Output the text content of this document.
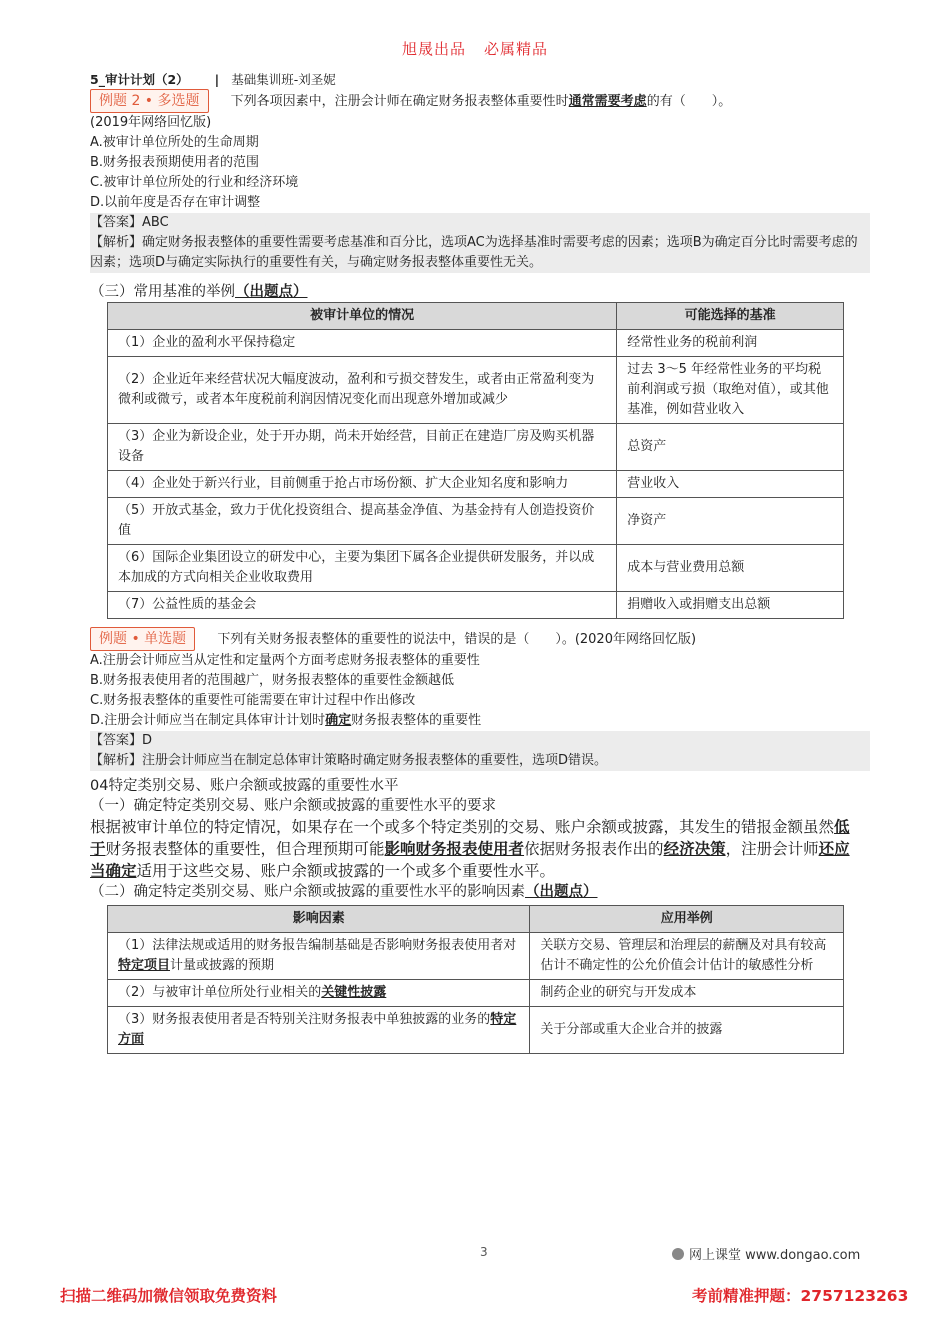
旭晟出品 必属精品
5_审计计划（2） | 基础集训班-刘圣妮
例题 2 • 多选题 下列各项因素中，注册会计师在确定财务报表整体重要性时通常需要考虑的有（　　）。
(2019年网络回忆版)
A.被审计单位所处的生命周期
B.财务报表预期使用者的范围
C.被审计单位所处的行业和经济环境
D.以前年度是否存在审计调整
【答案】ABC
【解析】确定财务报表整体的重要性需要考虑基准和百分比，选项AC为选择基准时需要考虑的因素；选项B为确定百分比时需要考虑的因素；选项D与确定实际执行的重要性有关，与确定财务报表整体重要性无关。
（三）常用基准的举例（出题点）
被审计单位的情况	可能选择的基准
（1）企业的盈利水平保持稳定	经常性业务的税前利润
（2）企业近年来经营状况大幅度波动，盈利和亏损交替发生，或者由正常盈利变为微利或微亏，或者本年度税前利润因情况变化而出现意外增加或减少	过去 3～5 年经常性业务的平均税前利润或亏损（取绝对值），或其他基准，例如营业收入
（3）企业为新设企业，处于开办期，尚未开始经营，目前正在建造厂房及购买机器设备	总资产
（4）企业处于新兴行业，目前侧重于抢占市场份额、扩大企业知名度和影响力	营业收入
（5）开放式基金，致力于优化投资组合、提高基金净值、为基金持有人创造投资价值	净资产
（6）国际企业集团设立的研发中心，主要为集团下属各企业提供研发服务，并以成本加成的方式向相关企业收取费用	成本与营业费用总额
（7）公益性质的基金会	捐赠收入或捐赠支出总额
例题 • 单选题 下列有关财务报表整体的重要性的说法中，错误的是（　　）。(2020年网络回忆版)
A.注册会计师应当从定性和定量两个方面考虑财务报表整体的重要性
B.财务报表使用者的范围越广，财务报表整体的重要性金额越低
C.财务报表整体的重要性可能需要在审计过程中作出修改
D.注册会计师应当在制定具体审计计划时确定财务报表整体的重要性
【答案】D
【解析】注册会计师应当在制定总体审计策略时确定财务报表整体的重要性，选项D错误。
04特定类别交易、账户余额或披露的重要性水平
（一）确定特定类别交易、账户余额或披露的重要性水平的要求
根据被审计单位的特定情况，如果存在一个或多个特定类别的交易、账户余额或披露，其发生的错报金额虽然低于财务报表整体的重要性，但合理预期可能影响财务报表使用者依据财务报表作出的经济决策，注册会计师还应当确定适用于这些交易、账户余额或披露的一个或多个重要性水平。
（二）确定特定类别交易、账户余额或披露的重要性水平的影响因素（出题点）
影响因素	应用举例
（1）法律法规或适用的财务报告编制基础是否影响财务报表使用者对特定项目计量或披露的预期	关联方交易、管理层和治理层的薪酬及对具有较高估计不确定性的公允价值会计估计的敏感性分析
（2）与被审计单位所处行业相关的关键性披露	制药企业的研究与开发成本
（3）财务报表使用者是否特别关注财务报表中单独披露的业务的特定方面	关于分部或重大企业合并的披露
3	网上课堂 www.dongao.com
扫描二维码加微信领取免费资料	考前精准押题：2757123263
